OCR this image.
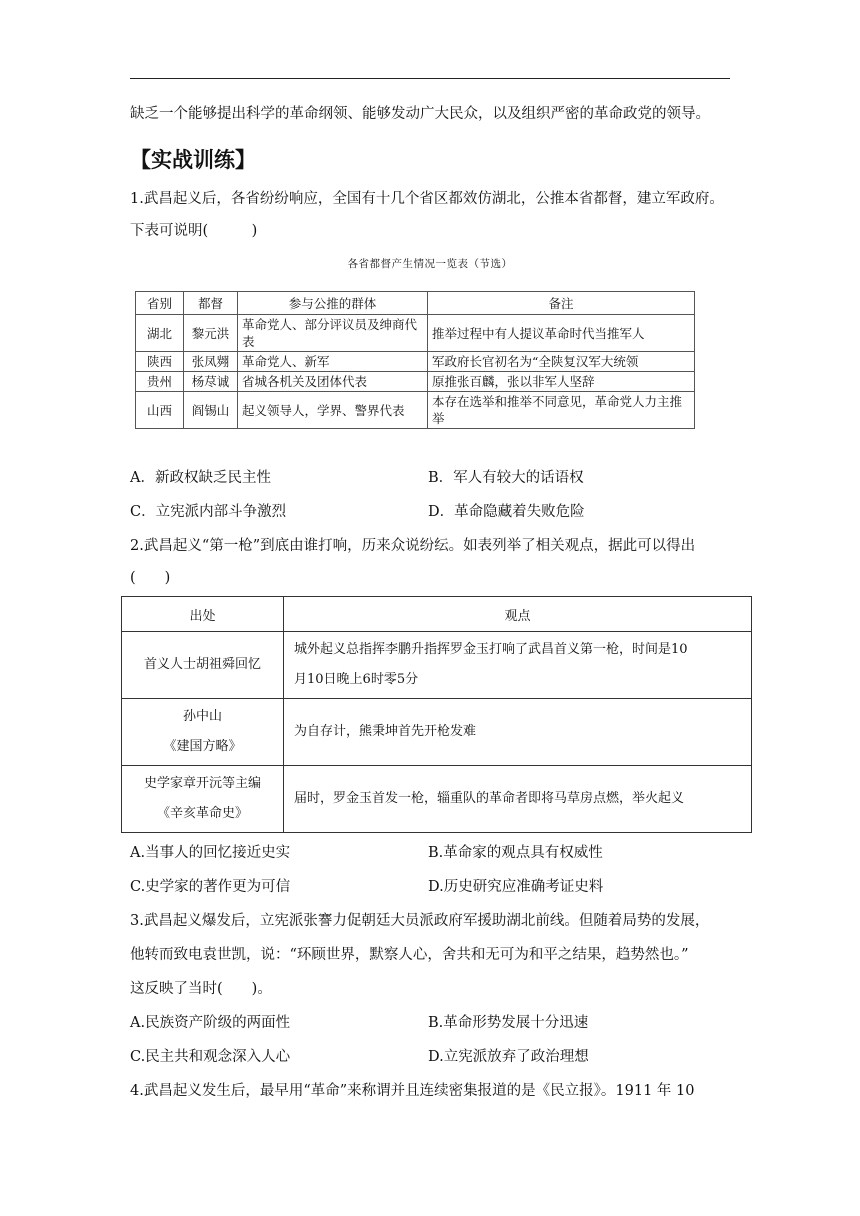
缺乏一个能够提出科学的革命纲领、能够发动广大民众，以及组织严密的革命政党的领导。
【实战训练】
1.武昌起义后，各省纷纷响应，全国有十几个省区都效仿湖北，公推本省都督，建立军政府。
下表可说明(　　　)
各省都督产生情况一览表（节选）
省别	都督	参与公推的群体	备注
湖北	黎元洪	革命党人、部分评议员及绅商代表	推举过程中有人提议革命时代当推军人
陕西	张凤翙	革命党人、新军	军政府长官初名为“全陕复汉军大统领
贵州	杨荩诚	省城各机关及团体代表	原推张百麟，张以非军人坚辞
山西	阎锡山	起义领导人，学界、警界代表	本存在选举和推举不同意见，革命党人力主推举
A．新政权缺乏民主性	B．军人有较大的话语权
C．立宪派内部斗争激烈	D．革命隐藏着失败危险
2.武昌起义“第一枪”到底由谁打响，历来众说纷纭。如表列举了相关观点，据此可以得出
(　　)
出处	观点
首义人士胡祖舜回忆	城外起义总指挥李鹏升指挥罗金玉打响了武昌首义第一枪，时间是10
月10日晚上6时零5分
孙中山
《建国方略》	为自存计，熊秉坤首先开枪发难
史学家章开沅等主编
《辛亥革命史》	届时，罗金玉首发一枪，辎重队的革命者即将马草房点燃，举火起义
A.当事人的回忆接近史实	B.革命家的观点具有权威性
C.史学家的著作更为可信	D.历史研究应准确考证史料
3.武昌起义爆发后，立宪派张謇力促朝廷大员派政府军援助湖北前线。但随着局势的发展，
他转而致电袁世凯，说：“环顾世界，默察人心，舍共和无可为和平之结果，趋势然也。”
这反映了当时(　　)。
A.民族资产阶级的两面性	B.革命形势发展十分迅速
C.民主共和观念深入人心	D.立宪派放弃了政治理想
4.武昌起义发生后，最早用“革命”来称谓并且连续密集报道的是《民立报》。1911 年 10
